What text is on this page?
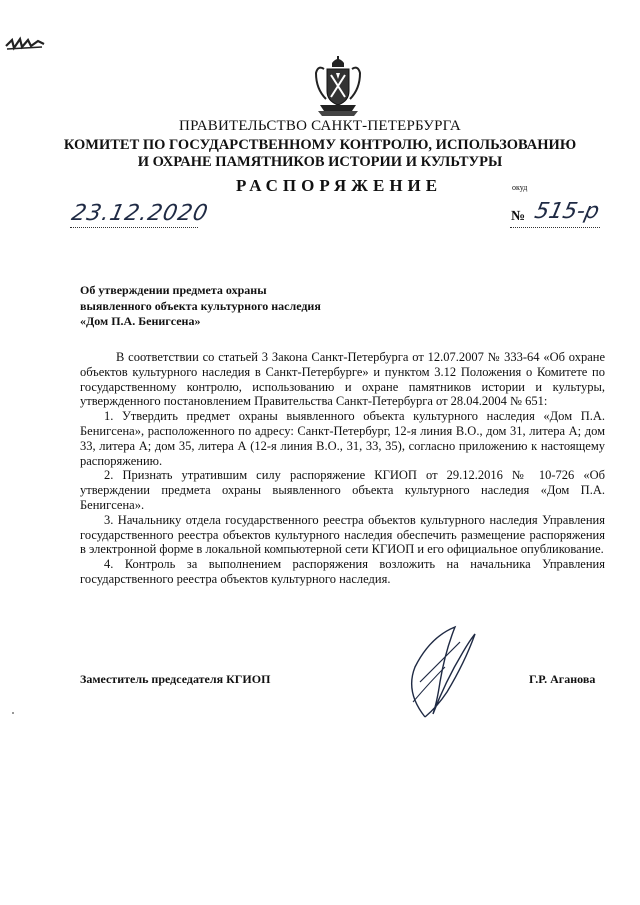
ПРАВИТЕЛЬСТВО САНКТ-ПЕТЕРБУРГА
КОМИТЕТ ПО ГОСУДАРСТВЕННОМУ КОНТРОЛЮ, ИСПОЛЬЗОВАНИЮ
И ОХРАНЕ ПАМЯТНИКОВ ИСТОРИИ И КУЛЬТУРЫ
РАСПОРЯЖЕНИЕ	окуд
23.12.2020	№ 515-р
Об утверждении предмета охраны
выявленного объекта культурного наследия
«Дом П.А. Бенигсена»

В соответствии со статьей 3 Закона Санкт-Петербурга от 12.07.2007 № 333-64 «Об охране объектов культурного наследия в Санкт-Петербурге» и пунктом 3.12 Положения о Комитете по государственному контролю, использованию и охране памятников истории и культуры, утвержденного постановлением Правительства Санкт-Петербурга от 28.04.2004 № 651:

1. Утвердить предмет охраны выявленного объекта культурного наследия «Дом П.А. Бенигсена», расположенного по адресу: Санкт-Петербург, 12-я линия В.О., дом 31, литера А; дом 33, литера А; дом 35, литера А (12-я линия В.О., 31, 33, 35), согласно приложению к настоящему распоряжению.

2. Признать утратившим силу распоряжение КГИОП от 29.12.2016 № 10-726 «Об утверждении предмета охраны выявленного объекта культурного наследия «Дом П.А. Бенигсена».

3. Начальнику отдела государственного реестра объектов культурного наследия Управления государственного реестра объектов культурного наследия обеспечить размещение распоряжения в электронной форме в локальной компьютерной сети КГИОП и его официальное опубликование.

4. Контроль за выполнением распоряжения возложить на начальника Управления государственного реестра объектов культурного наследия.

Заместитель председателя КГИОП	Г.Р. Аганова
